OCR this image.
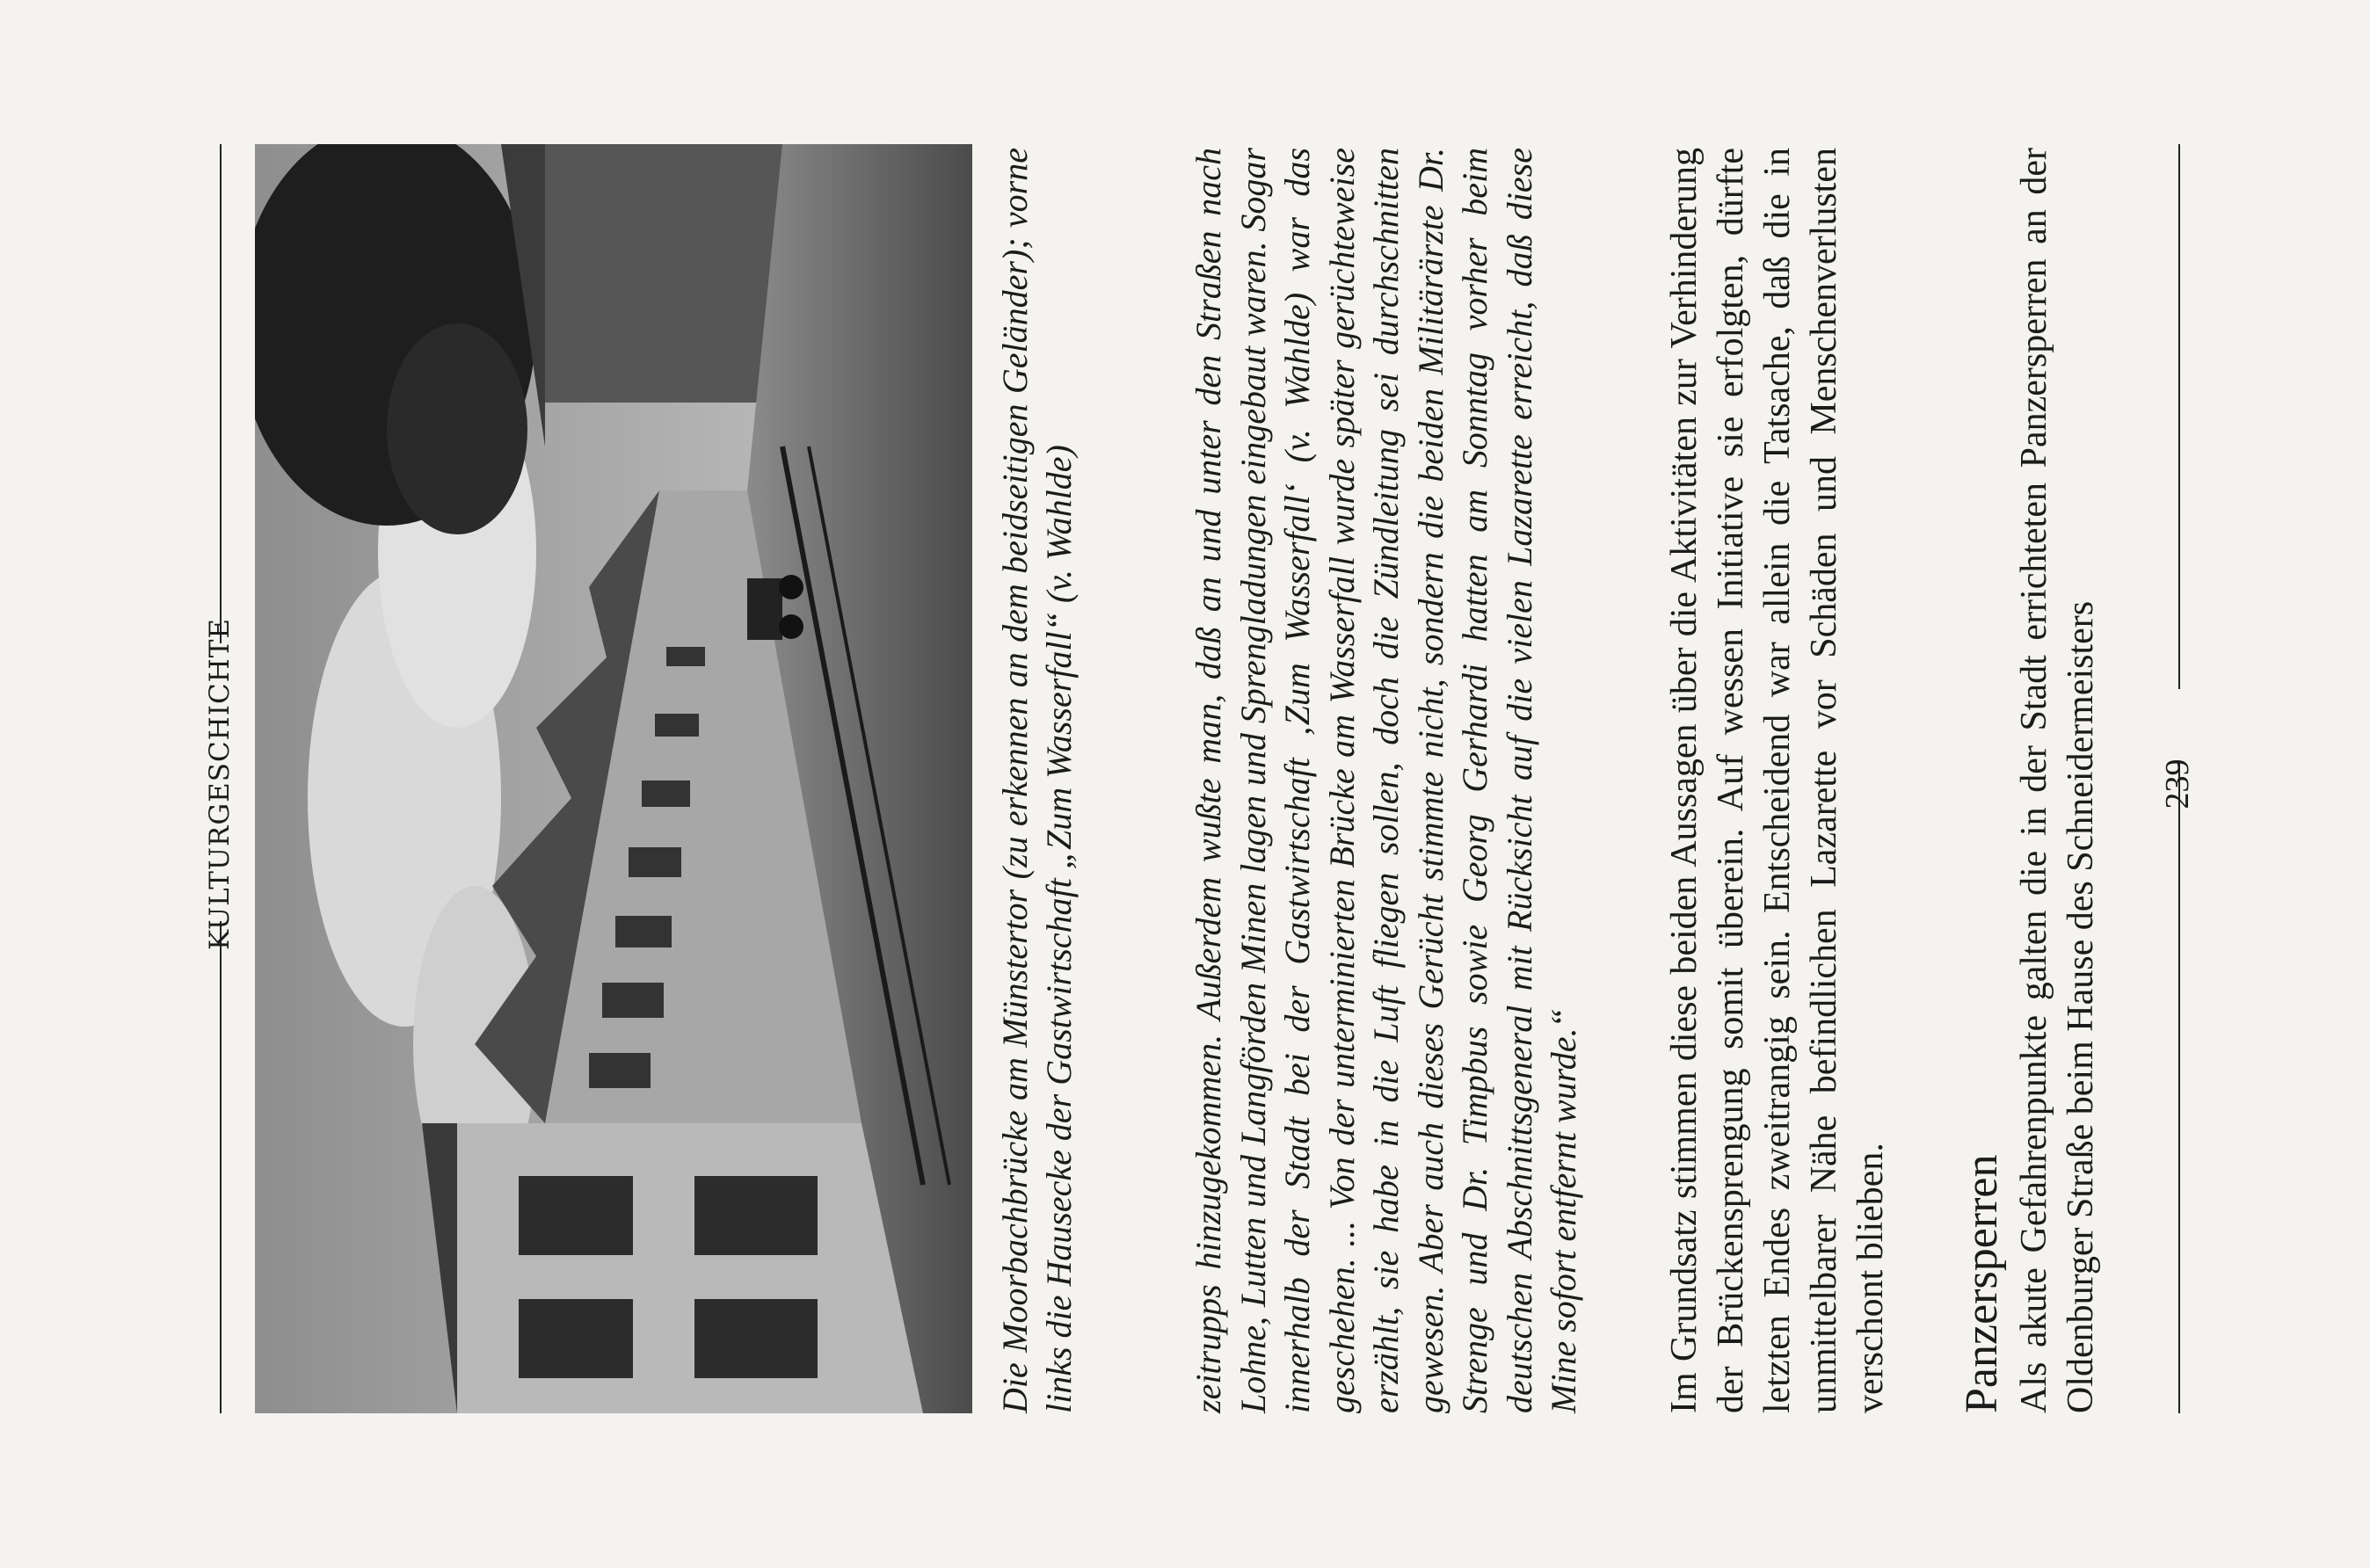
KULTURGESCHICHTE	Die Moorbachbrücke am Münstertor (zu erkennen an dem beidseitigen Geländer); vorne links die Hausecke der Gastwirtschaft „Zum Wasserfall“ (v. Wahlde)	zeitrupps hinzugekommen. Außerdem wußte man, daß an und unter den Straßen nach Lohne, Lutten und Langförden Minen lagen und Sprengladungen eingebaut waren. Sogar innerhalb der Stadt bei der Gastwirtschaft ‚Zum Wasserfall‘ (v. Wahlde) war das geschehen. ... Von der unterminierten Brücke am Wasserfall wurde später gerüchteweise erzählt, sie habe in die Luft fliegen sollen, doch die Zündleitung sei durchschnitten gewesen. Aber auch dieses Gerücht stimmte nicht, sondern die beiden Militärärzte Dr. Strenge und Dr. Timpbus sowie Georg Gerhardi hatten am Sonntag vorher beim deutschen Abschnittsgeneral mit Rücksicht auf die vielen Lazarette erreicht, daß diese Mine sofort entfernt wurde.“ Im Grundsatz stimmen diese beiden Aussagen über die Aktivitäten zur Verhinderung der Brückensprengung somit überein. Auf wessen Initiative sie erfolgten, dürfte letzten Endes zweitrangig sein. Entscheidend war allein die Tatsache, daß die in unmittelbarer Nähe befindlichen Lazarette vor Schäden und Menschenverlusten verschont blieben. Panzersperren Als akute Gefahrenpunkte galten die in der Stadt errichteten Panzersperren an der Oldenburger Straße beim Hause des Schneidermeisters 239
